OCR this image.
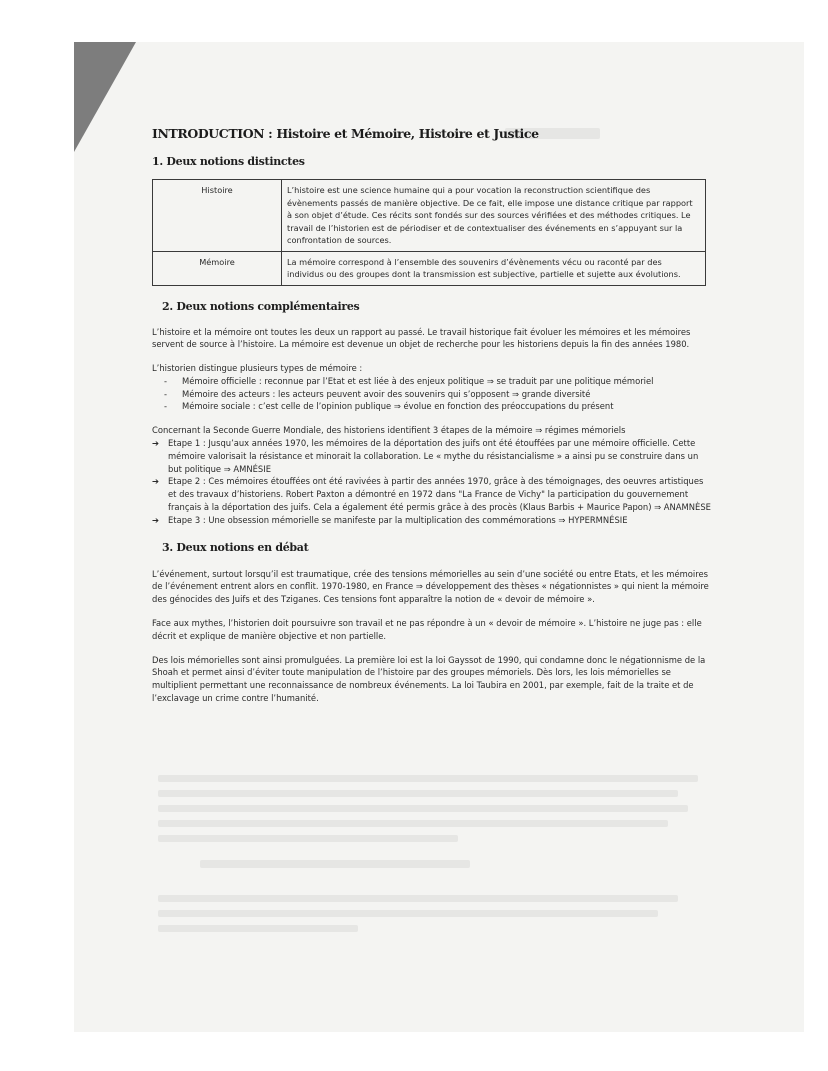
INTRODUCTION : Histoire et Mémoire, Histoire et Justice
1. Deux notions distinctes
Histoire	L’histoire est une science humaine qui a pour vocation la reconstruction scientifique des évènements passés de manière objective. De ce fait, elle impose une distance critique par rapport à son objet d’étude. Ces récits sont fondés sur des sources vérifiées et des méthodes critiques. Le travail de l’historien est de périodiser et de contextualiser des événements en s’appuyant sur la confrontation de sources.
Mémoire	La mémoire correspond à l’ensemble des souvenirs d’évènements vécu ou raconté par des individus ou des groupes dont la transmission est subjective, partielle et sujette aux évolutions.
2. Deux notions complémentaires

L’histoire et la mémoire ont toutes les deux un rapport au passé. Le travail historique fait évoluer les mémoires et les mémoires servent de source à l’histoire. La mémoire est devenue un objet de recherche pour les historiens depuis la fin des années 1980.

L’historien distingue plusieurs types de mémoire :

- Mémoire officielle : reconnue par l’Etat et est liée à des enjeux politique ⇒ se traduit par une politique mémoriel
- Mémoire des acteurs : les acteurs peuvent avoir des souvenirs qui s’opposent ⇒ grande diversité
- Mémoire sociale : c’est celle de l’opinion publique ⇒ évolue en fonction des préoccupations du présent

Concernant la Seconde Guerre Mondiale, des historiens identifient 3 étapes de la mémoire ⇒ régimes mémoriels

➔ Etape 1 : Jusqu’aux années 1970, les mémoires de la déportation des juifs ont été étouffées par une mémoire officielle. Cette mémoire valorisait la résistance et minorait la collaboration. Le « mythe du résistancialisme » a ainsi pu se construire dans un but politique ⇒ AMNÉSIE
➔ Etape 2 : Ces mémoires étouffées ont été ravivées à partir des années 1970, grâce à des témoignages, des oeuvres artistiques et des travaux d’historiens. Robert Paxton a démontré en 1972 dans "La France de Vichy" la participation du gouvernement français à la déportation des juifs. Cela a également été permis grâce à des procès (Klaus Barbis + Maurice Papon) ⇒ ANAMNÈSE
➔ Etape 3 : Une obsession mémorielle se manifeste par la multiplication des commémorations ⇒ HYPERMNÉSIE
3. Deux notions en débat

L’événement, surtout lorsqu’il est traumatique, crée des tensions mémorielles au sein d’une société ou entre Etats, et les mémoires de l’événement entrent alors en conflit. 1970-1980, en France ⇒ développement des thèses « négationnistes » qui nient la mémoire des génocides des Juifs et des Tziganes. Ces tensions font apparaître la notion de « devoir de mémoire ».

Face aux mythes, l’historien doit poursuivre son travail et ne pas répondre à un « devoir de mémoire ». L’histoire ne juge pas : elle décrit et explique de manière objective et non partielle.

Des lois mémorielles sont ainsi promulguées. La première loi est la loi Gayssot de 1990, qui condamne donc le négationnisme de la Shoah et permet ainsi d’éviter toute manipulation de l’histoire par des groupes mémoriels. Dès lors, les lois mémorielles se multiplient permettant une reconnaissance de nombreux événements. La loi Taubira en 2001, par exemple, fait de la traite et de l’exclavage un crime contre l’humanité.
